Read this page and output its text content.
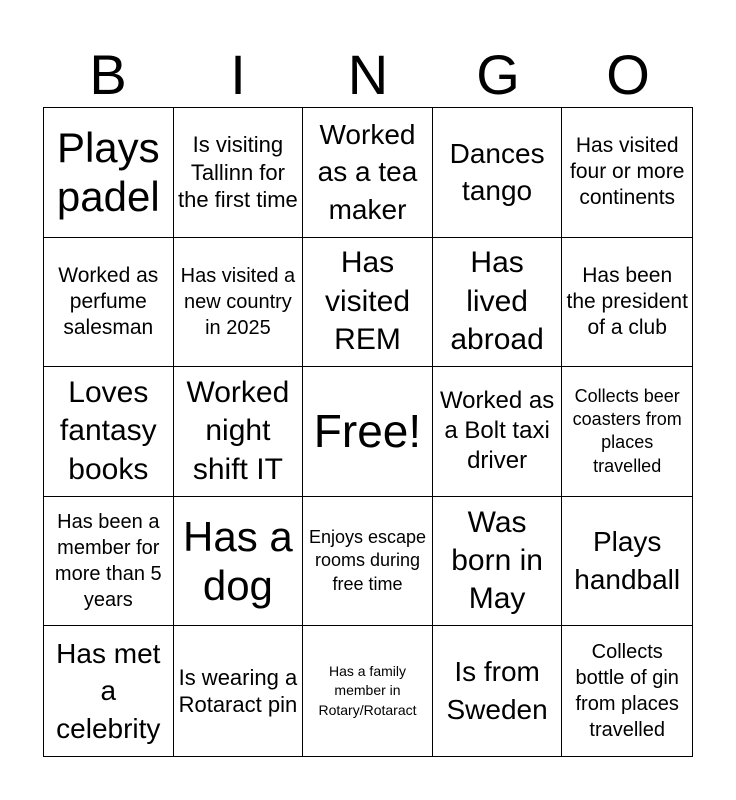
B	I	N	G	O
Plays padel
Is visiting Tallinn for the first time
Worked as a tea maker
Dances tango
Has visited four or more continents
Worked as perfume salesman
Has visited a new country in 2025
Has visited REM
Has lived abroad
Has been the president of a club
Loves fantasy books
Worked night shift IT
Free!
Worked as a Bolt taxi driver
Collects beer coasters from places travelled
Has been a member for more than 5 years
Has a dog
Enjoys escape rooms during free time
Was born in May
Plays handball
Has met a celebrity
Is wearing a Rotaract pin
Has a family member in Rotary/Rotaract
Is from Sweden
Collects bottle of gin from places travelled
